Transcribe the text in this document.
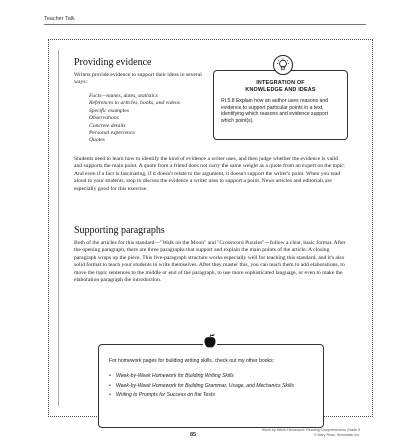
Teacher Talk
Providing evidence

Writers provide evidence to support their ideas in several ways:

Facts—names, dates, statistics
References to articles, books, and videos
Specific examples
Observations
Concrete details
Personal experience
Quotes
INTEGRATION OF
KNOWLEDGE AND IDEAS

RI.5.8 Explain how an author uses reasons and evidence to support particular points in a text, identifying which reasons and evidence support which point(s).

Students need to learn how to identify the kind of evidence a writer uses, and then judge whether the evidence is valid and supports the main point. A quote from a friend does not carry the same weight as a quote from an expert on the topic. And even if a fact is fascinating, if it doesn't relate to the argument, it doesn't support the writer's point. When you read aloud to your students, stop to discuss the evidence a writer uses to support a point. News articles and editorials are especially good for this exercise.

Supporting paragraphs

Both of the articles for this standard—"Walk on the Moon" and "Crossword Puzzles"—follow a clear, basic format. After the opening paragraph, there are three paragraphs that support and explain the main points of the article. A closing paragraph wraps up the piece. This five-paragraph structure works especially well for teaching this standard, and it's also solid format to teach your students to write themselves. After they master this, you can teach them to add elaborations, to move the topic sentences to the middle or end of the paragraph, to use more sophisticated language, or even to make the elaboration paragraph the introduction.

For homework pages for building writing skills, check out my other books:

• Week-by-Week Homework for Building Writing Skills
• Week-by-Week Homework for Building Grammar, Usage, and Mechanics Skills
• Writing to Prompts for Success on the Tests
85
Week-by-Week Homework: Reading Comprehension Grade 5
© Mary Rose, Scholastic Inc.
